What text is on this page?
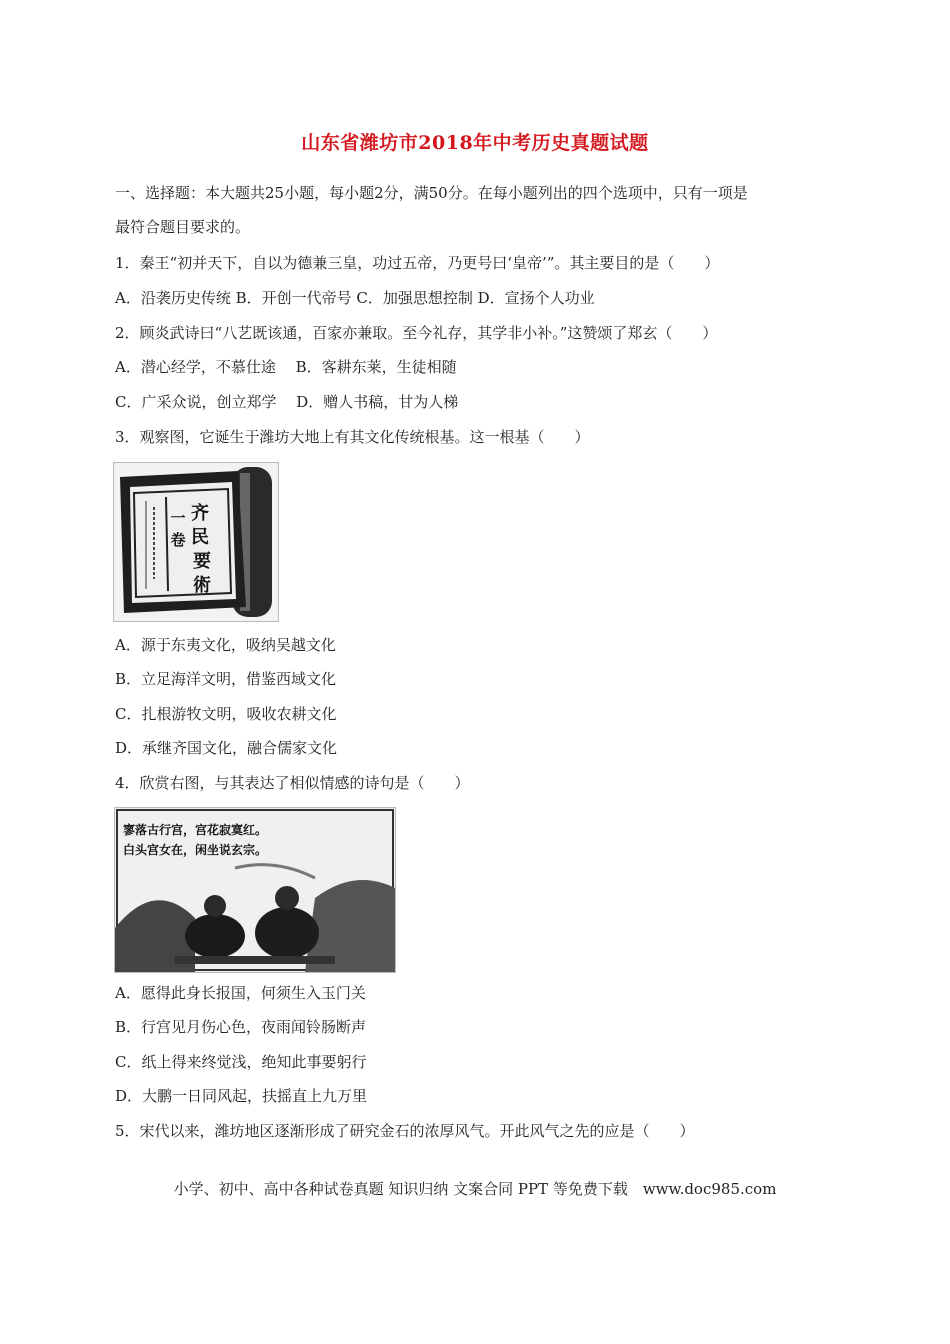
山东省潍坊市2018年中考历史真题试题
一、选择题：本大题共25小题，每小题2分，满50分。在每小题列出的四个选项中，只有一项是
最符合题目要求的。
1．秦王“初并天下，自以为德兼三皇，功过五帝，乃更号曰‘皇帝’”。其主要目的是（　　）
A．沿袭历史传统 B．开创一代帝号 C．加强思想控制 D．宣扬个人功业
2．顾炎武诗曰“八艺既该通，百家亦兼取。至今礼存，其学非小补。”这赞颂了郑玄（　　）
A．潜心经学，不慕仕途　 B．客耕东莱，生徒相随
C．广采众说，创立郑学　 D．赠人书稿，甘为人梯
3．观察图，它诞生于潍坊大地上有其文化传统根基。这一根基（　　）
齐
民
要
術
一
卷
A．源于东夷文化，吸纳吴越文化
B．立足海洋文明，借鉴西域文化
C．扎根游牧文明，吸收农耕文化
D．承继齐国文化，融合儒家文化
4．欣赏右图，与其表达了相似情感的诗句是（　　）
寥落古行宫，宫花寂寞红。
白头宫女在，闲坐说玄宗。
A．愿得此身长报国，何须生入玉门关
B．行宫见月伤心色，夜雨闻铃肠断声
C．纸上得来终觉浅，绝知此事要躬行
D．大鹏一日同风起，扶摇直上九万里
5．宋代以来，潍坊地区逐渐形成了研究金石的浓厚风气。开此风气之先的应是（　　）
小学、初中、高中各种试卷真题 知识归纳 文案合同 PPT 等免费下载　www.doc985.com
